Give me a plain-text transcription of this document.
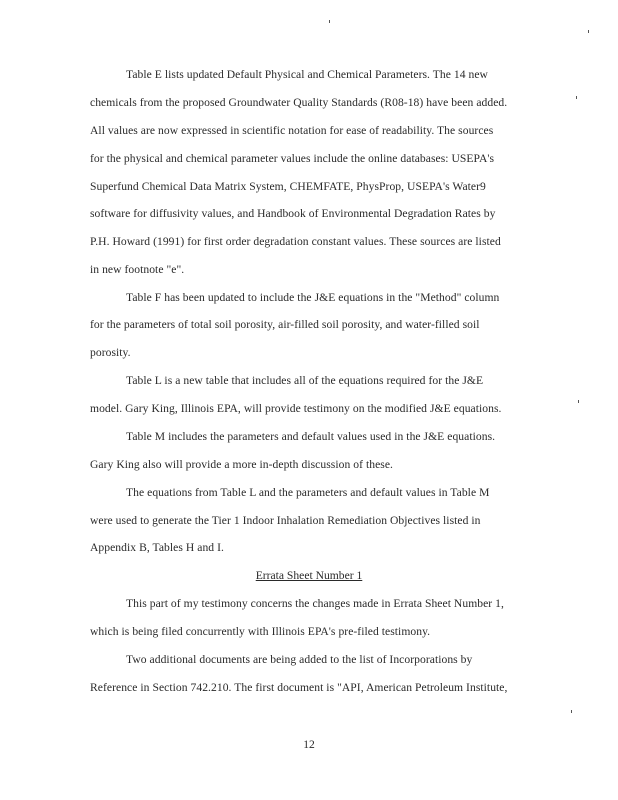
Table E lists updated Default Physical and Chemical Parameters. The 14 new
chemicals from the proposed Groundwater Quality Standards (R08-18) have been added.
All values are now expressed in scientific notation for ease of readability. The sources
for the physical and chemical parameter values include the online databases: USEPA's
Superfund Chemical Data Matrix System, CHEMFATE, PhysProp, USEPA's Water9
software for diffusivity values, and Handbook of Environmental Degradation Rates by
P.H. Howard (1991) for first order degradation constant values. These sources are listed
in new footnote "e".
Table F has been updated to include the J&E equations in the "Method" column
for the parameters of total soil porosity, air-filled soil porosity, and water-filled soil
porosity.
Table L is a new table that includes all of the equations required for the J&E
model. Gary King, Illinois EPA, will provide testimony on the modified J&E equations.
Table M includes the parameters and default values used in the J&E equations.
Gary King also will provide a more in-depth discussion of these.
The equations from Table L and the parameters and default values in Table M
were used to generate the Tier 1 Indoor Inhalation Remediation Objectives listed in
Appendix B, Tables H and I.
Errata Sheet Number 1
This part of my testimony concerns the changes made in Errata Sheet Number 1,
which is being filed concurrently with Illinois EPA's pre-filed testimony.
Two additional documents are being added to the list of Incorporations by
Reference in Section 742.210. The first document is "API, American Petroleum Institute,
12
